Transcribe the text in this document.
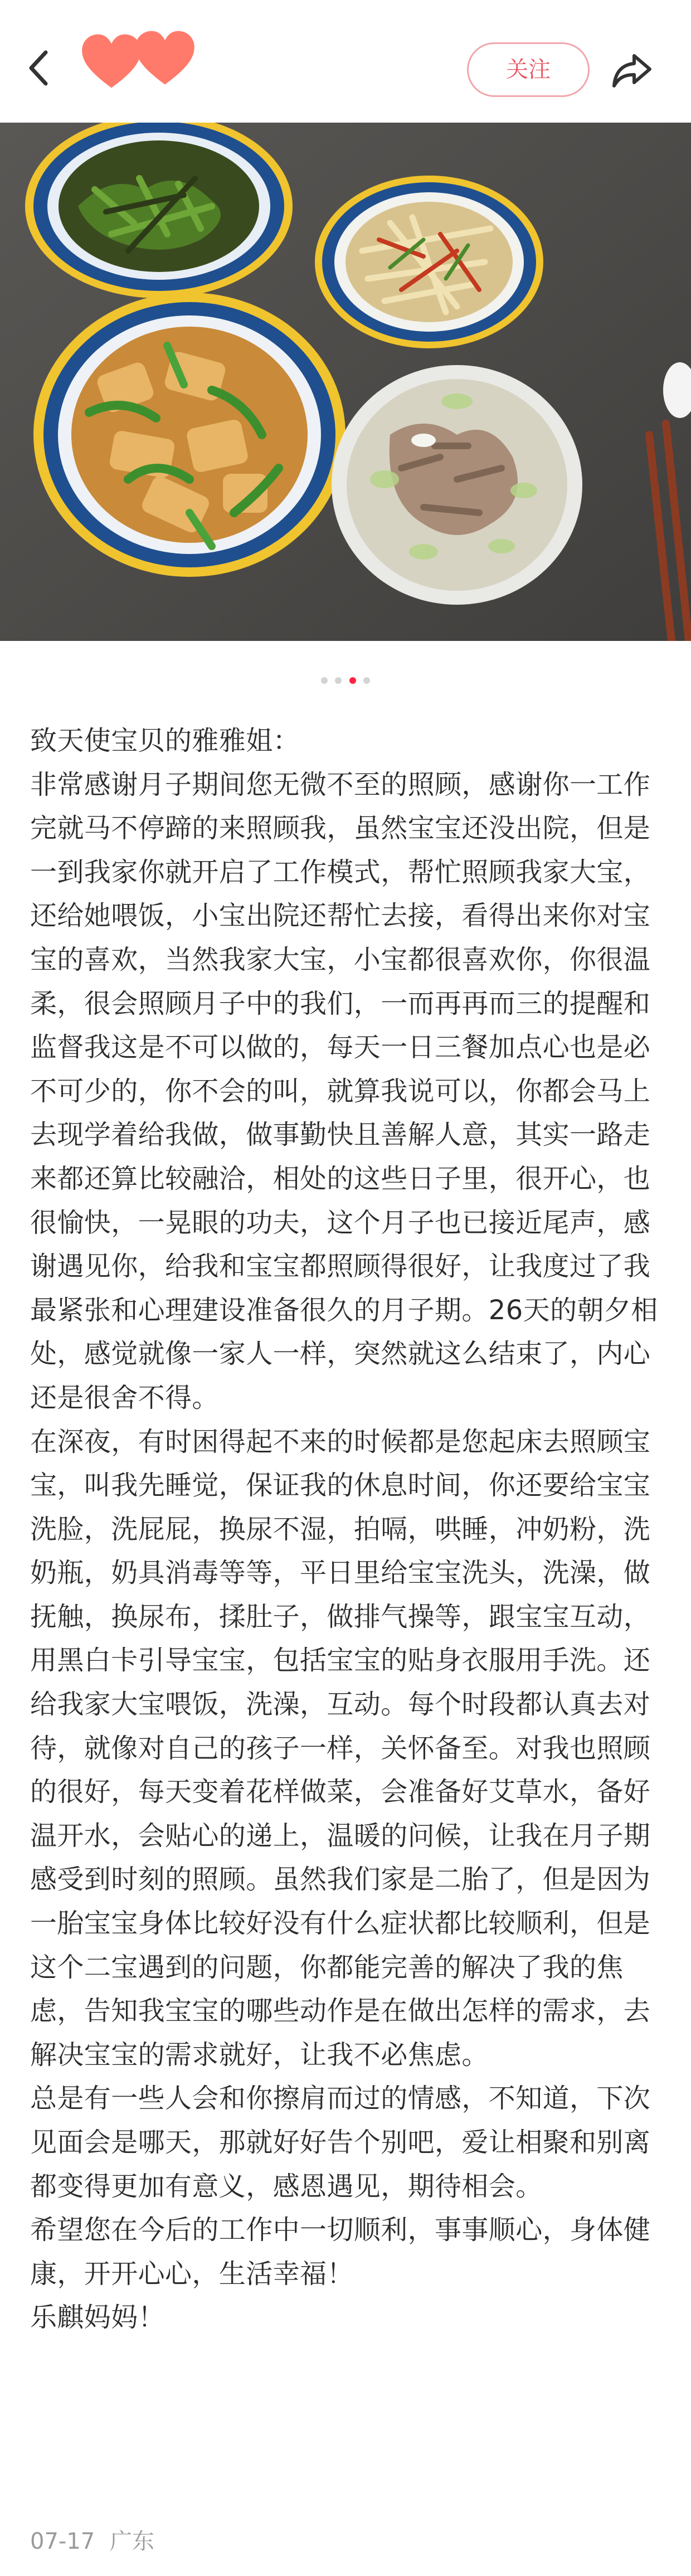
关注

致天使宝贝的雅雅姐：

非常感谢月子期间您无微不至的照顾，感谢你一工作完就马不停蹄的来照顾我，虽然宝宝还没出院，但是一到我家你就开启了工作模式，帮忙照顾我家大宝，还给她喂饭，小宝出院还帮忙去接，看得出来你对宝宝的喜欢，当然我家大宝，小宝都很喜欢你，你很温柔，很会照顾月子中的我们，一而再再而三的提醒和监督我这是不可以做的，每天一日三餐加点心也是必不可少的，你不会的叫，就算我说可以，你都会马上去现学着给我做，做事勤快且善解人意，其实一路走来都还算比较融洽，相处的这些日子里，很开心，也很愉快，一晃眼的功夫，这个月子也已接近尾声，感谢遇见你，给我和宝宝都照顾得很好，让我度过了我最紧张和心理建设准备很久的月子期。26天的朝夕相处，感觉就像一家人一样，突然就这么结束了，内心还是很舍不得。

在深夜，有时困得起不来的时候都是您起床去照顾宝宝，叫我先睡觉，保证我的休息时间，你还要给宝宝洗脸，洗屁屁，换尿不湿，拍嗝，哄睡，冲奶粉，洗奶瓶，奶具消毒等等，平日里给宝宝洗头，洗澡，做抚触，换尿布，揉肚子，做排气操等，跟宝宝互动，用黑白卡引导宝宝，包括宝宝的贴身衣服用手洗。还给我家大宝喂饭，洗澡，互动。每个时段都认真去对待，就像对自己的孩子一样，关怀备至。对我也照顾的很好，每天变着花样做菜，会准备好艾草水，备好温开水，会贴心的递上，温暖的问候，让我在月子期感受到时刻的照顾。虽然我们家是二胎了，但是因为一胎宝宝身体比较好没有什么症状都比较顺利，但是这个二宝遇到的问题，你都能完善的解决了我的焦虑，告知我宝宝的哪些动作是在做出怎样的需求，去解决宝宝的需求就好，让我不必焦虑。

总是有一些人会和你擦肩而过的情感，不知道，下次见面会是哪天，那就好好告个别吧，爱让相聚和别离都变得更加有意义，感恩遇见，期待相会。

希望您在今后的工作中一切顺利，事事顺心，身体健康，开开心心，生活幸福！

乐麒妈妈！

07-17 广东
